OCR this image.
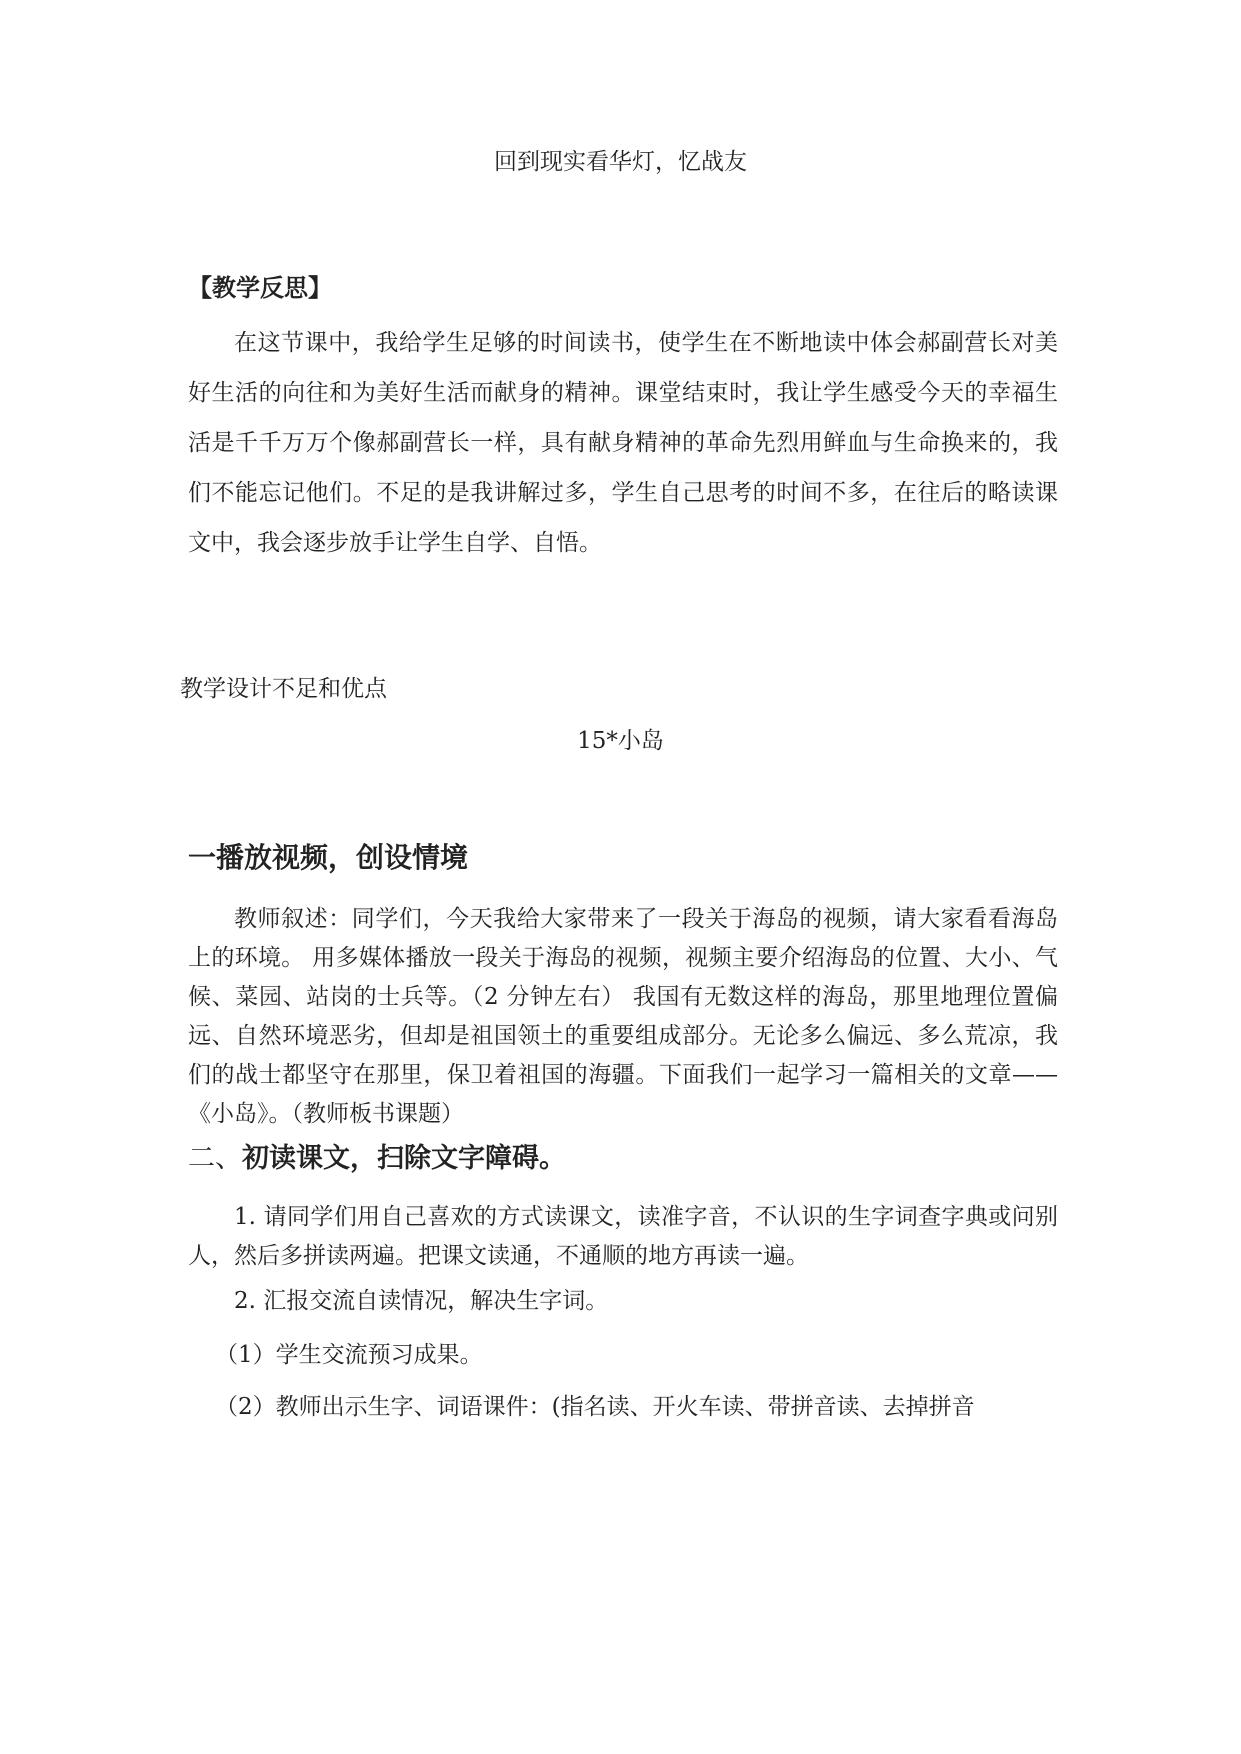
回到现实看华灯，忆战友
【教学反思】

在这节课中，我给学生足够的时间读书，使学生在不断地读中体会郝副营长对美好生活的向往和为美好生活而献身的精神。课堂结束时，我让学生感受今天的幸福生活是千千万万个像郝副营长一样，具有献身精神的革命先烈用鲜血与生命换来的，我们不能忘记他们。不足的是我讲解过多，学生自己思考的时间不多，在往后的略读课文中，我会逐步放手让学生自学、自悟。

教学设计不足和优点
15*小岛
一播放视频，创设情境

教师叙述：同学们，今天我给大家带来了一段关于海岛的视频，请大家看看海岛上的环境。 用多媒体播放一段关于海岛的视频，视频主要介绍海岛的位置、大小、气候、菜园、站岗的士兵等。（2 分钟左右） 我国有无数这样的海岛，那里地理位置偏远、自然环境恶劣，但却是祖国领土的重要组成部分。无论多么偏远、多么荒凉，我们的战士都坚守在那里，保卫着祖国的海疆。下面我们一起学习一篇相关的文章——《小岛》。（教师板书课题）

二、初读课文，扫除文字障碍。

1. 请同学们用自己喜欢的方式读课文，读准字音，不认识的生字词查字典或问别人，然后多拼读两遍。把课文读通，不通顺的地方再读一遍。

2. 汇报交流自读情况，解决生字词。

（1）学生交流预习成果。

（2）教师出示生字、词语课件：(指名读、开火车读、带拼音读、去掉拼音
